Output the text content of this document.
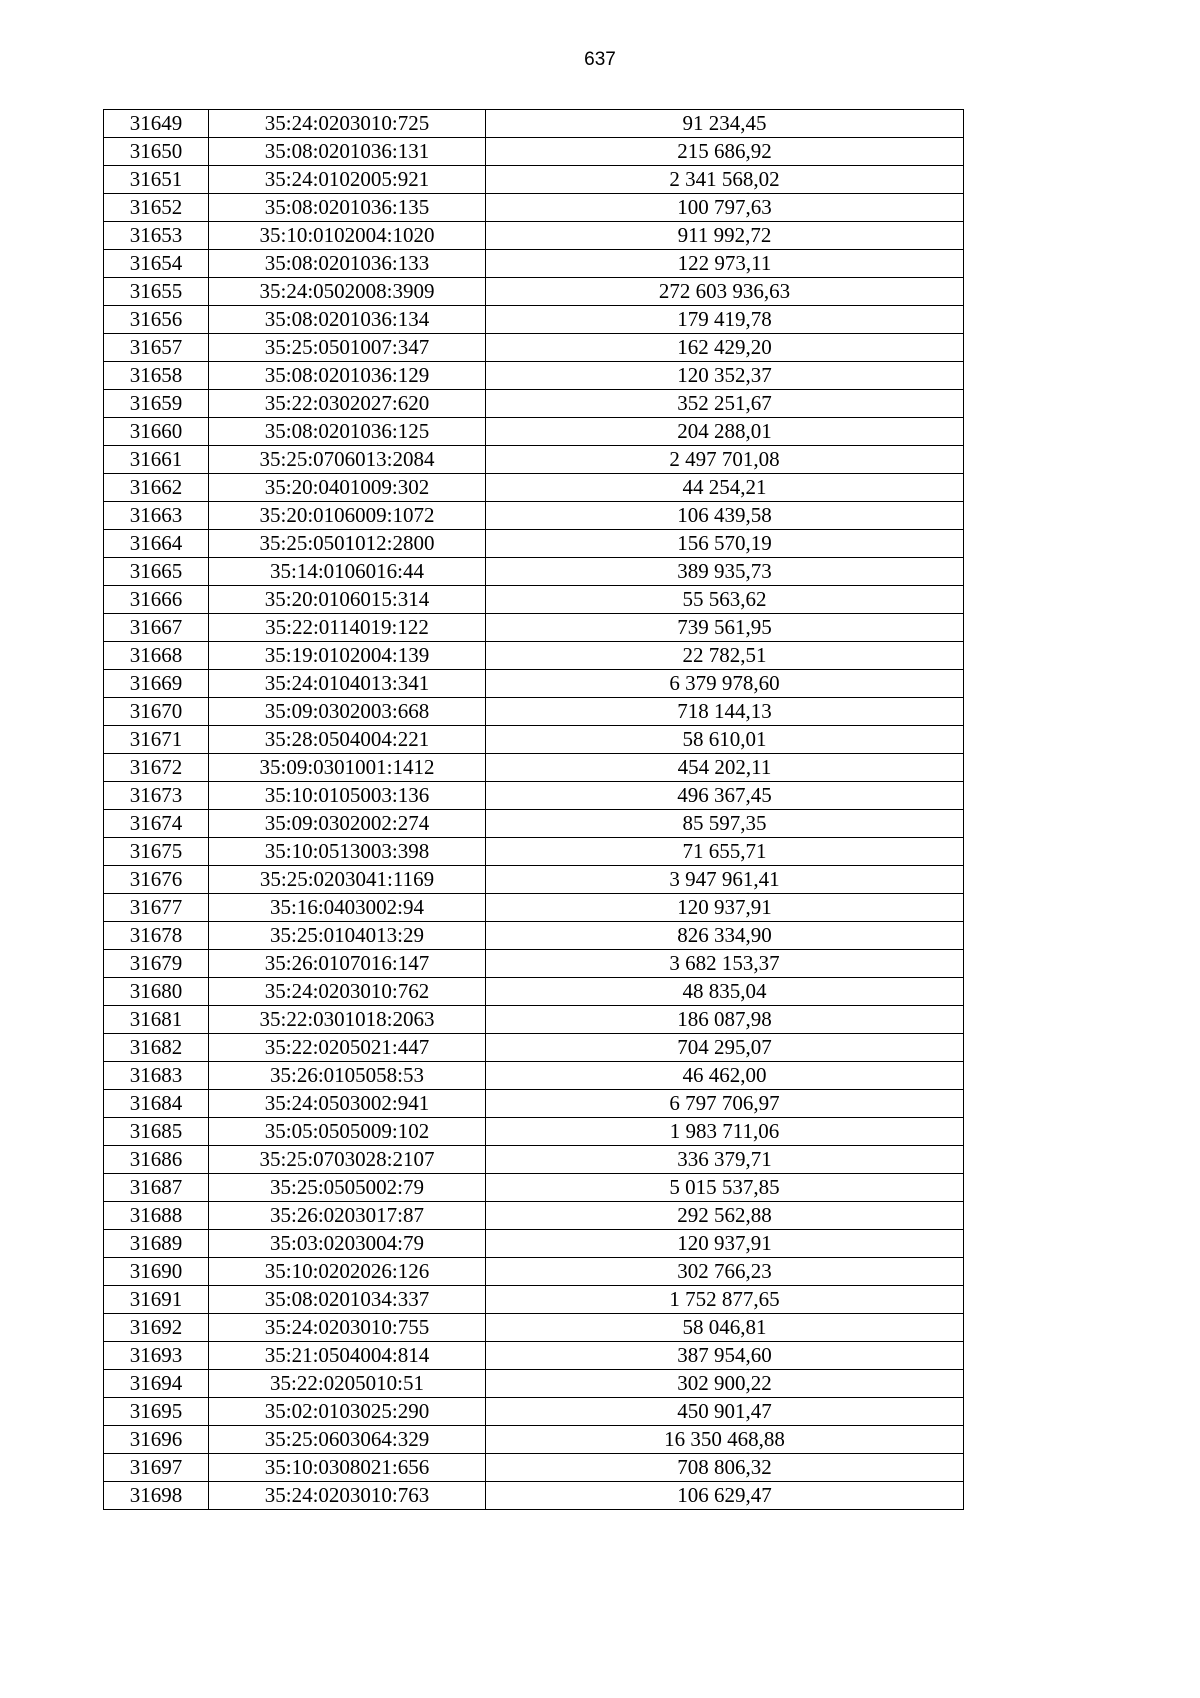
637
31649	35:24:0203010:725	91 234,45
31650	35:08:0201036:131	215 686,92
31651	35:24:0102005:921	2 341 568,02
31652	35:08:0201036:135	100 797,63
31653	35:10:0102004:1020	911 992,72
31654	35:08:0201036:133	122 973,11
31655	35:24:0502008:3909	272 603 936,63
31656	35:08:0201036:134	179 419,78
31657	35:25:0501007:347	162 429,20
31658	35:08:0201036:129	120 352,37
31659	35:22:0302027:620	352 251,67
31660	35:08:0201036:125	204 288,01
31661	35:25:0706013:2084	2 497 701,08
31662	35:20:0401009:302	44 254,21
31663	35:20:0106009:1072	106 439,58
31664	35:25:0501012:2800	156 570,19
31665	35:14:0106016:44	389 935,73
31666	35:20:0106015:314	55 563,62
31667	35:22:0114019:122	739 561,95
31668	35:19:0102004:139	22 782,51
31669	35:24:0104013:341	6 379 978,60
31670	35:09:0302003:668	718 144,13
31671	35:28:0504004:221	58 610,01
31672	35:09:0301001:1412	454 202,11
31673	35:10:0105003:136	496 367,45
31674	35:09:0302002:274	85 597,35
31675	35:10:0513003:398	71 655,71
31676	35:25:0203041:1169	3 947 961,41
31677	35:16:0403002:94	120 937,91
31678	35:25:0104013:29	826 334,90
31679	35:26:0107016:147	3 682 153,37
31680	35:24:0203010:762	48 835,04
31681	35:22:0301018:2063	186 087,98
31682	35:22:0205021:447	704 295,07
31683	35:26:0105058:53	46 462,00
31684	35:24:0503002:941	6 797 706,97
31685	35:05:0505009:102	1 983 711,06
31686	35:25:0703028:2107	336 379,71
31687	35:25:0505002:79	5 015 537,85
31688	35:26:0203017:87	292 562,88
31689	35:03:0203004:79	120 937,91
31690	35:10:0202026:126	302 766,23
31691	35:08:0201034:337	1 752 877,65
31692	35:24:0203010:755	58 046,81
31693	35:21:0504004:814	387 954,60
31694	35:22:0205010:51	302 900,22
31695	35:02:0103025:290	450 901,47
31696	35:25:0603064:329	16 350 468,88
31697	35:10:0308021:656	708 806,32
31698	35:24:0203010:763	106 629,47
